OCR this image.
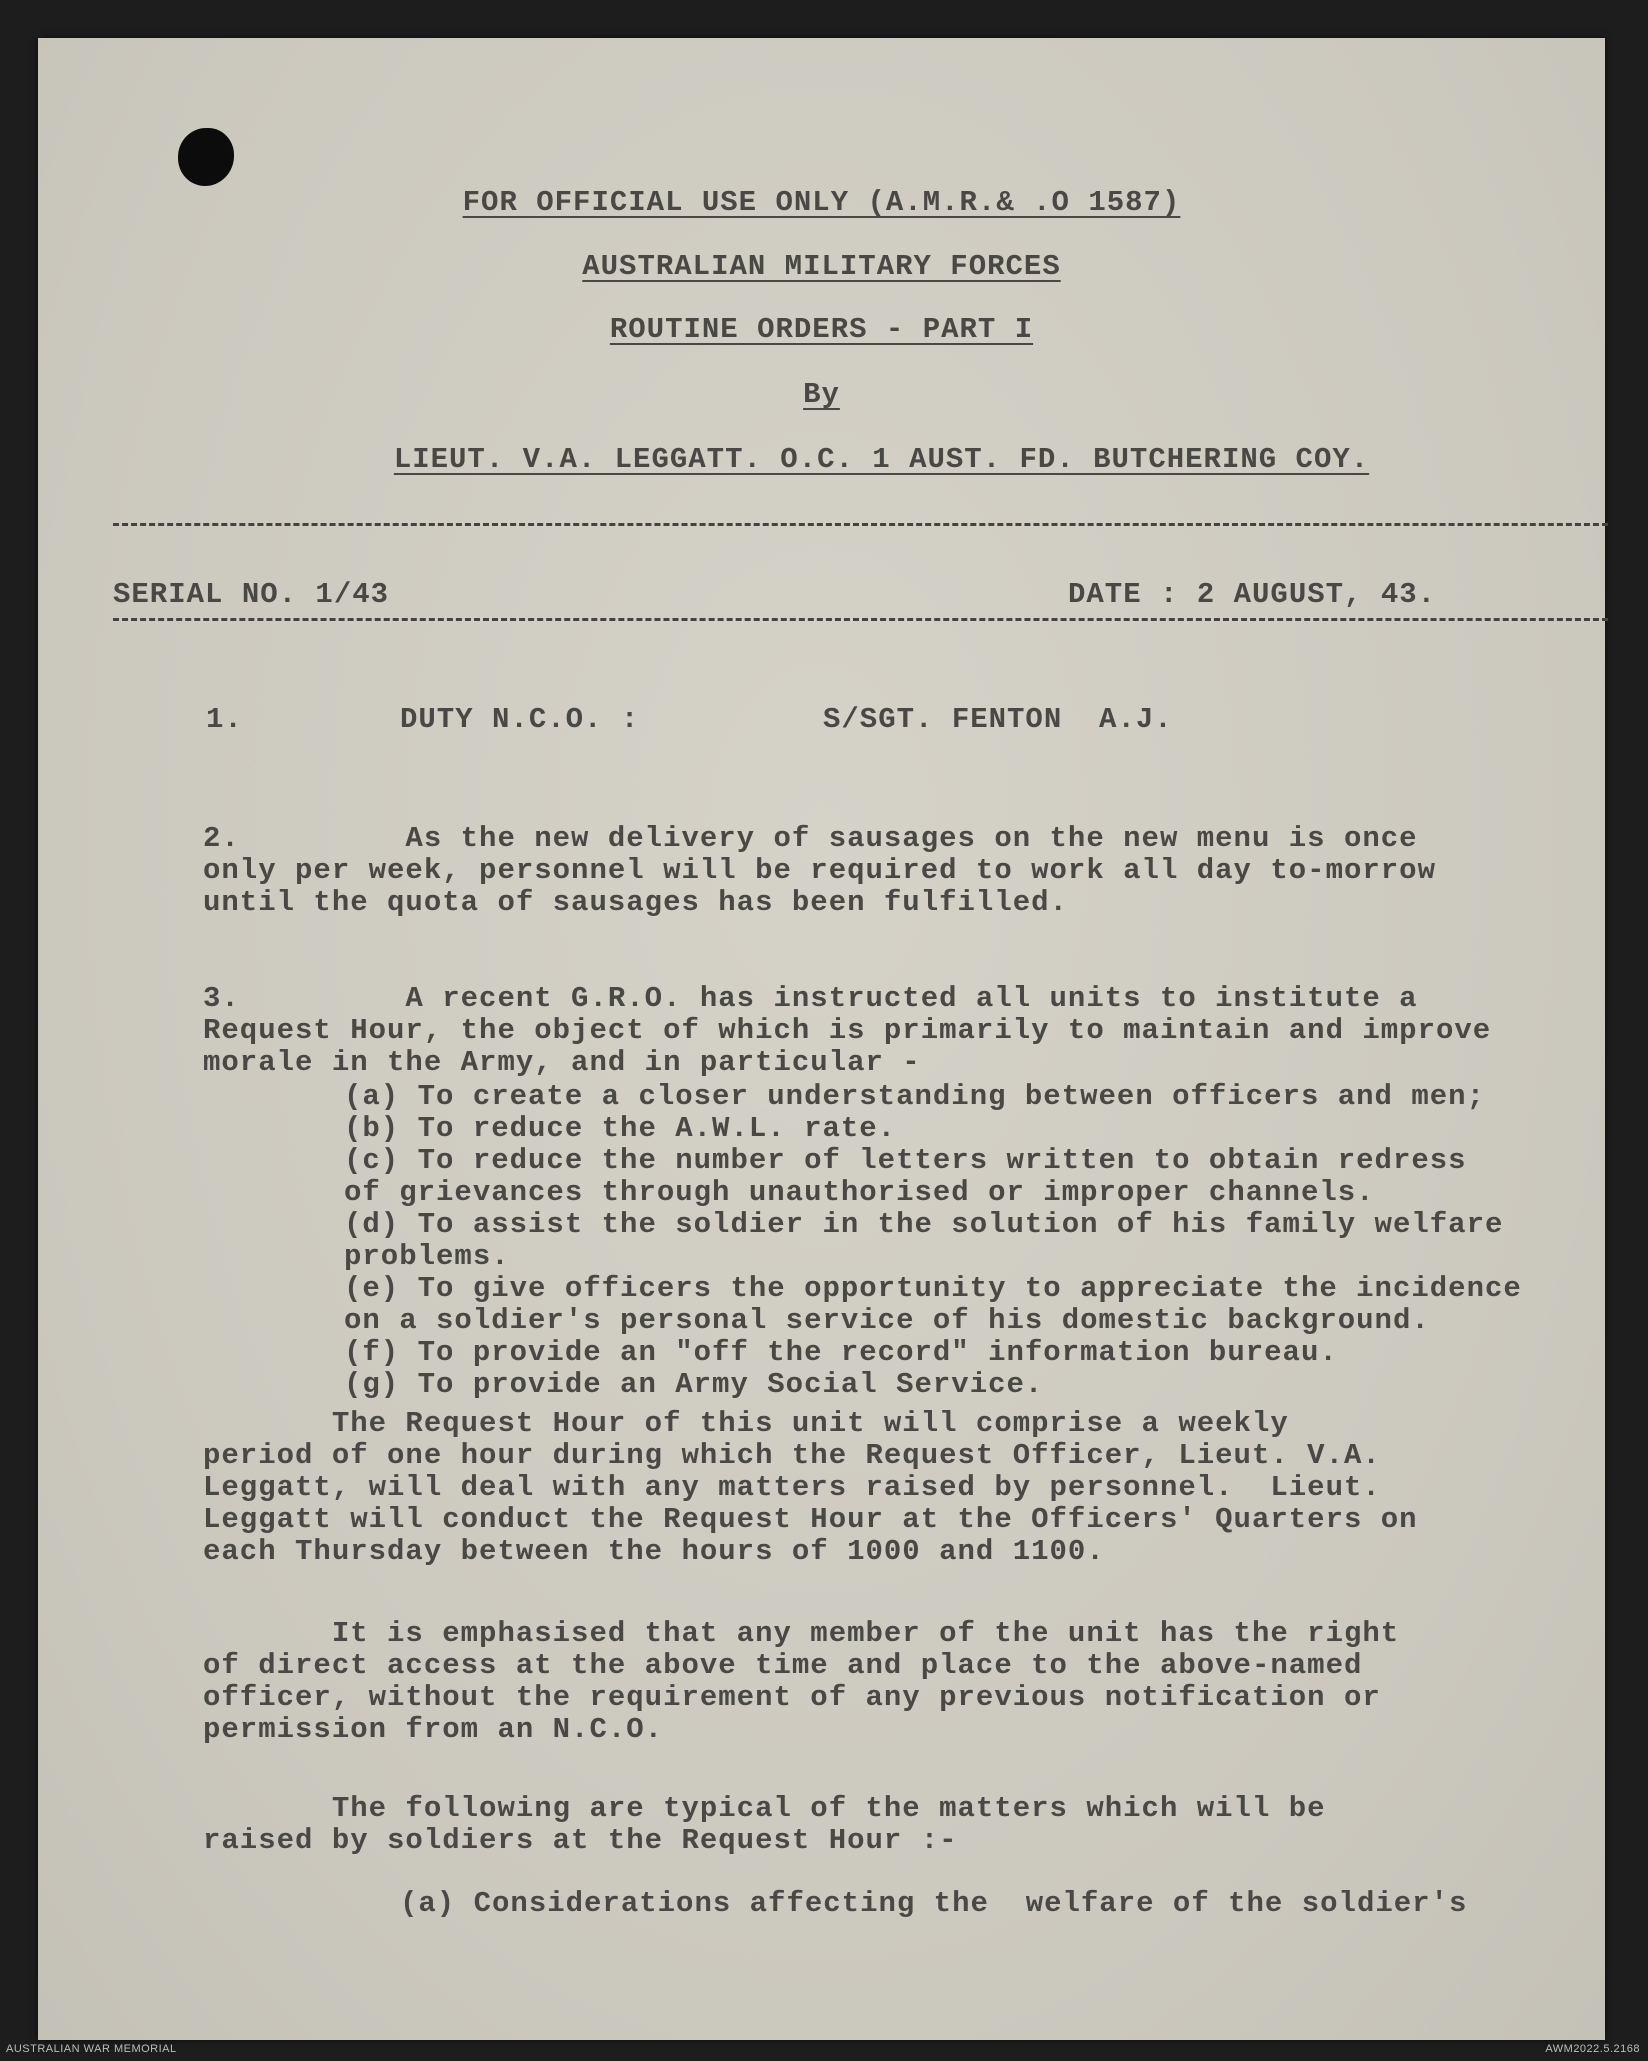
FOR OFFICIAL USE ONLY (A.M.R.& .O 1587)
AUSTRALIAN MILITARY FORCES
ROUTINE ORDERS - PART I
By
LIEUT. V.A. LEGGATT. O.C. 1 AUST. FD. BUTCHERING COY.
SERIAL NO. 1/43	DATE : 2 AUGUST, 43.
1.	DUTY N.C.O. :	S/SGT. FENTON  A.J.
2.         As the new delivery of sausages on the new menu is once
only per week, personnel will be required to work all day to-morrow
until the quota of sausages has been fulfilled.
3.         A recent G.R.O. has instructed all units to institute a
Request Hour, the object of which is primarily to maintain and improve
morale in the Army, and in particular -
(a) To create a closer understanding between officers and men;
(b) To reduce the A.W.L. rate.
(c) To reduce the number of letters written to obtain redress
of grievances through unauthorised or improper channels.
(d) To assist the soldier in the solution of his family welfare
problems.
(e) To give officers the opportunity to appreciate the incidence
on a soldier's personal service of his domestic background.
(f) To provide an "off the record" information bureau.
(g) To provide an Army Social Service.
The Request Hour of this unit will comprise a weekly
period of one hour during which the Request Officer, Lieut. V.A.
Leggatt, will deal with any matters raised by personnel.  Lieut.
Leggatt will conduct the Request Hour at the Officers' Quarters on
each Thursday between the hours of 1000 and 1100.
It is emphasised that any member of the unit has the right
of direct access at the above time and place to the above-named
officer, without the requirement of any previous notification or
permission from an N.C.O.
The following are typical of the matters which will be
raised by soldiers at the Request Hour :-
(a) Considerations affecting the  welfare of the soldier's
AUSTRALIAN WAR MEMORIAL	AWM2022.5.2168
